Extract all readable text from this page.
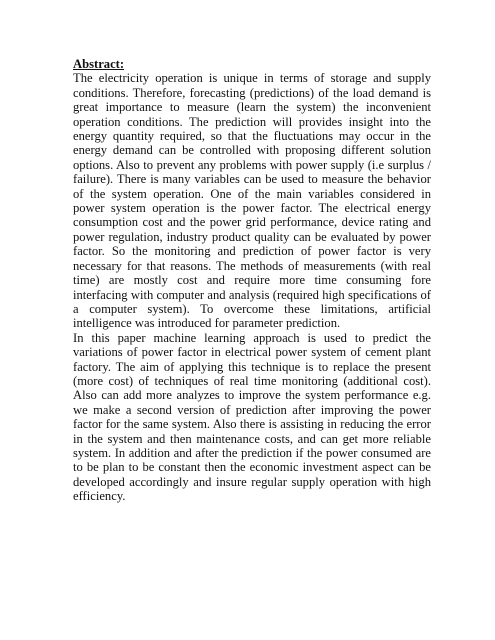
Abstract:

The electricity operation is unique in terms of storage and supply conditions. Therefore, forecasting (predictions) of the load demand is great importance to measure (learn the system) the inconvenient operation conditions. The prediction will provides insight into the energy quantity required, so that the fluctuations may occur in the energy demand can be controlled with proposing different solution options. Also to prevent any problems with power supply (i.e surplus / failure). There is many variables can be used to measure the behavior of the system operation. One of the main variables considered in power system operation is the power factor. The electrical energy consumption cost and the power grid performance, device rating and power regulation, industry product quality can be evaluated by power factor. So the monitoring and prediction of power factor is very necessary for that reasons. The methods of measurements (with real time) are mostly cost and require more time consuming fore interfacing with computer and analysis (required high specifications of a computer system). To overcome these limitations, artificial intelligence was introduced for parameter prediction.

In this paper machine learning approach is used to predict the variations of power factor in electrical power system of cement plant factory. The aim of applying this technique is to replace the present (more cost) of techniques of real time monitoring (additional cost). Also can add more analyzes to improve the system performance e.g. we make a second version of prediction after improving the power factor for the same system. Also there is assisting in reducing the error in the system and then maintenance costs, and can get more reliable system. In addition and after the prediction if the power consumed are to be plan to be constant then the economic investment aspect can be developed accordingly and insure regular supply operation with high efficiency.
